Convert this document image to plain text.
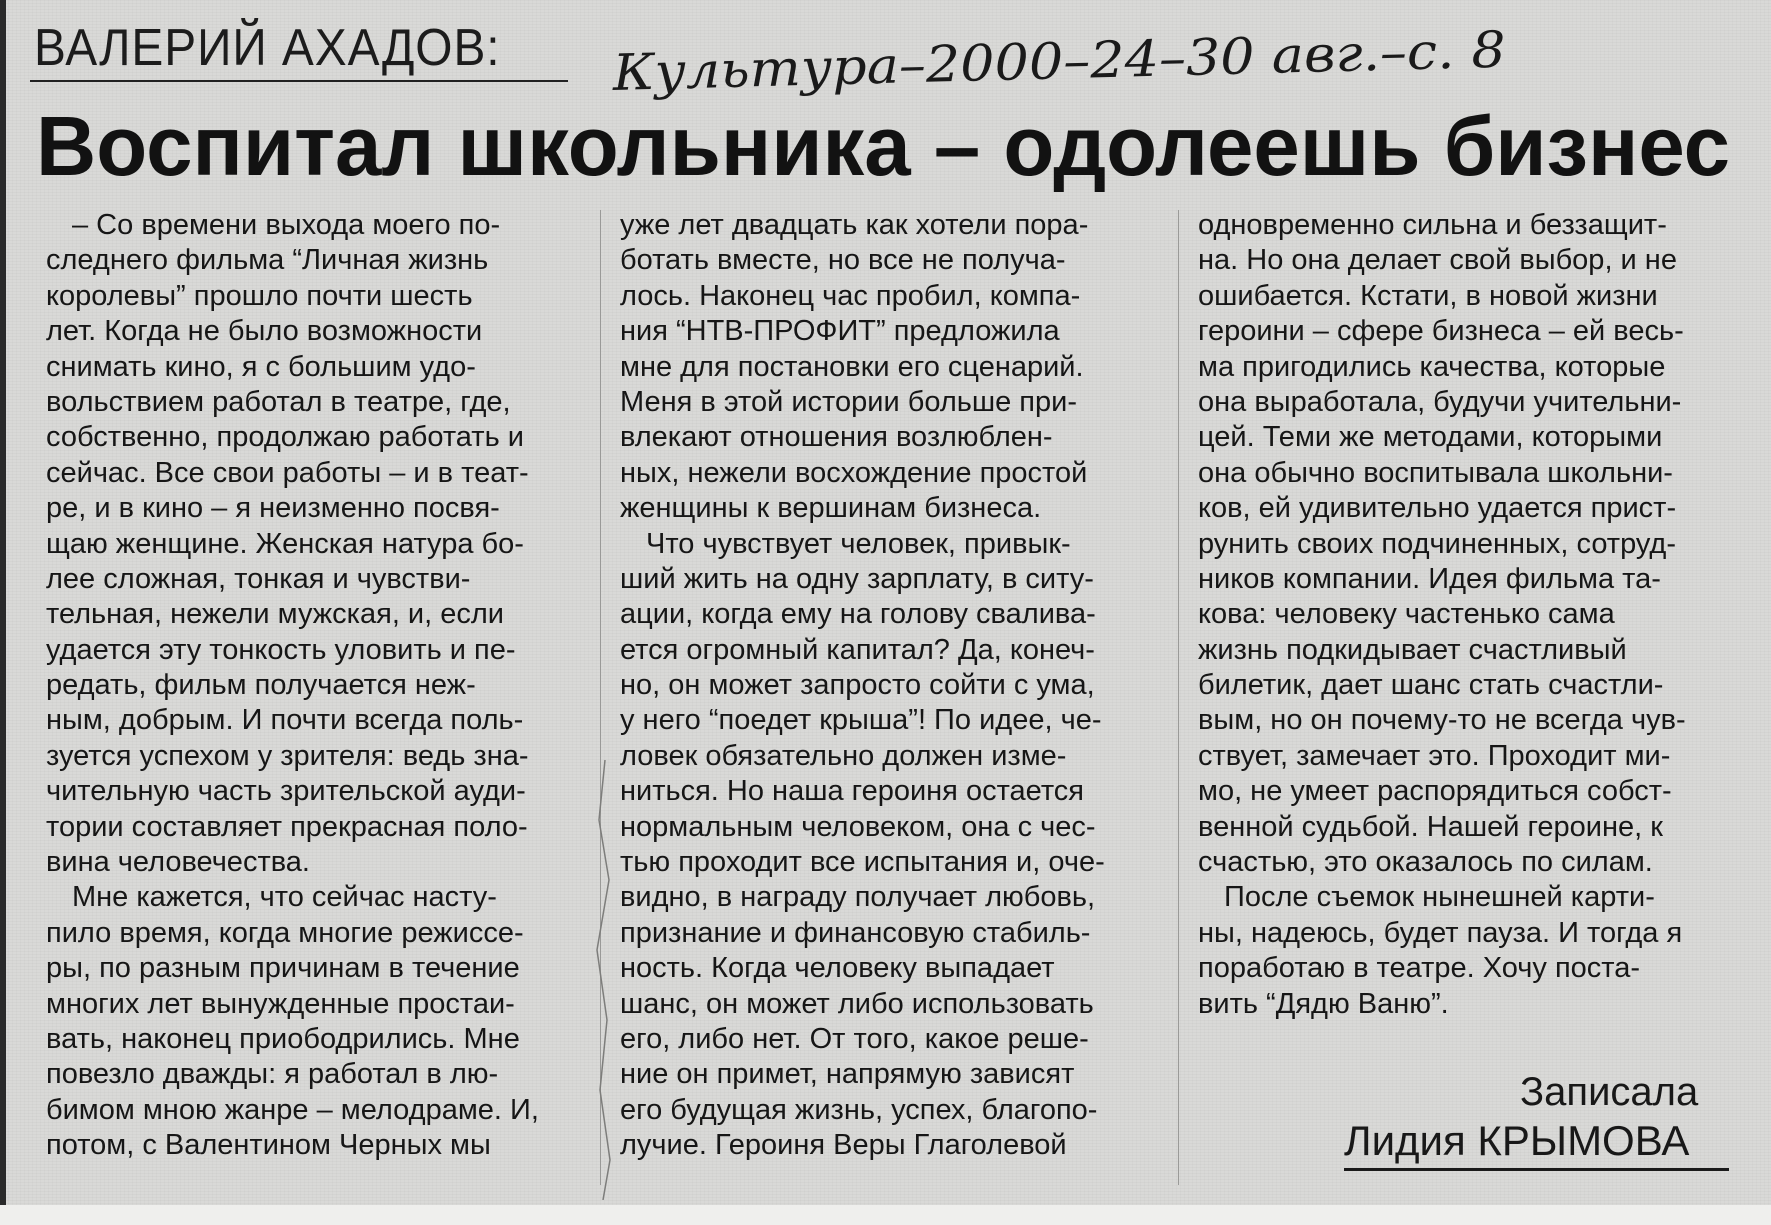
ВАЛЕРИЙ АХАДОВ: Культура–2000–24–30 авг.–с. 8
Воспитал школьника – одолеешь бизнес
– Со времени выхода моего по-
следнего фильма “Личная жизнь
королевы” прошло почти шесть
лет. Когда не было возможности
снимать кино, я с большим удо-
вольствием работал в театре, где,
собственно, продолжаю работать и
сейчас. Все свои работы – и в теат-
ре, и в кино – я неизменно посвя-
щаю женщине. Женская натура бо-
лее сложная, тонкая и чувстви-
тельная, нежели мужская, и, если
удается эту тонкость уловить и пе-
редать, фильм получается неж-
ным, добрым. И почти всегда поль-
зуется успехом у зрителя: ведь зна-
чительную часть зрительской ауди-
тории составляет прекрасная поло-
вина человечества.
Мне кажется, что сейчас насту-
пило время, когда многие режиссе-
ры, по разным причинам в течение
многих лет вынужденные простаи-
вать, наконец приободрились. Мне
повезло дважды: я работал в лю-
бимом мною жанре – мелодраме. И,
потом, с Валентином Черных мы
уже лет двадцать как хотели пора-
ботать вместе, но все не получа-
лось. Наконец час пробил, компа-
ния “НТВ-ПРОФИТ” предложила
мне для постановки его сценарий.
Меня в этой истории больше при-
влекают отношения возлюблен-
ных, нежели восхождение простой
женщины к вершинам бизнеса.
Что чувствует человек, привык-
ший жить на одну зарплату, в ситу-
ации, когда ему на голову свалива-
ется огромный капитал? Да, конеч-
но, он может запросто сойти с ума,
у него “поедет крыша”! По идее, че-
ловек обязательно должен изме-
ниться. Но наша героиня остается
нормальным человеком, она с чес-
тью проходит все испытания и, оче-
видно, в награду получает любовь,
признание и финансовую стабиль-
ность. Когда человеку выпадает
шанс, он может либо использовать
его, либо нет. От того, какое реше-
ние он примет, напрямую зависят
его будущая жизнь, успех, благопо-
лучие. Героиня Веры Глаголевой
одновременно сильна и беззащит-
на. Но она делает свой выбор, и не
ошибается. Кстати, в новой жизни
героини – сфере бизнеса – ей весь-
ма пригодились качества, которые
она выработала, будучи учительни-
цей. Теми же методами, которыми
она обычно воспитывала школьни-
ков, ей удивительно удается прист-
рунить своих подчиненных, сотруд-
ников компании. Идея фильма та-
кова: человеку частенько сама
жизнь подкидывает счастливый
билетик, дает шанс стать счастли-
вым, но он почему-то не всегда чув-
ствует, замечает это. Проходит ми-
мо, не умеет распорядиться собст-
венной судьбой. Нашей героине, к
счастью, это оказалось по силам.
После съемок нынешней карти-
ны, надеюсь, будет пауза. И тогда я
поработаю в театре. Хочу поста-
вить “Дядю Ваню”.
Записала
Лидия КРЫМОВА
